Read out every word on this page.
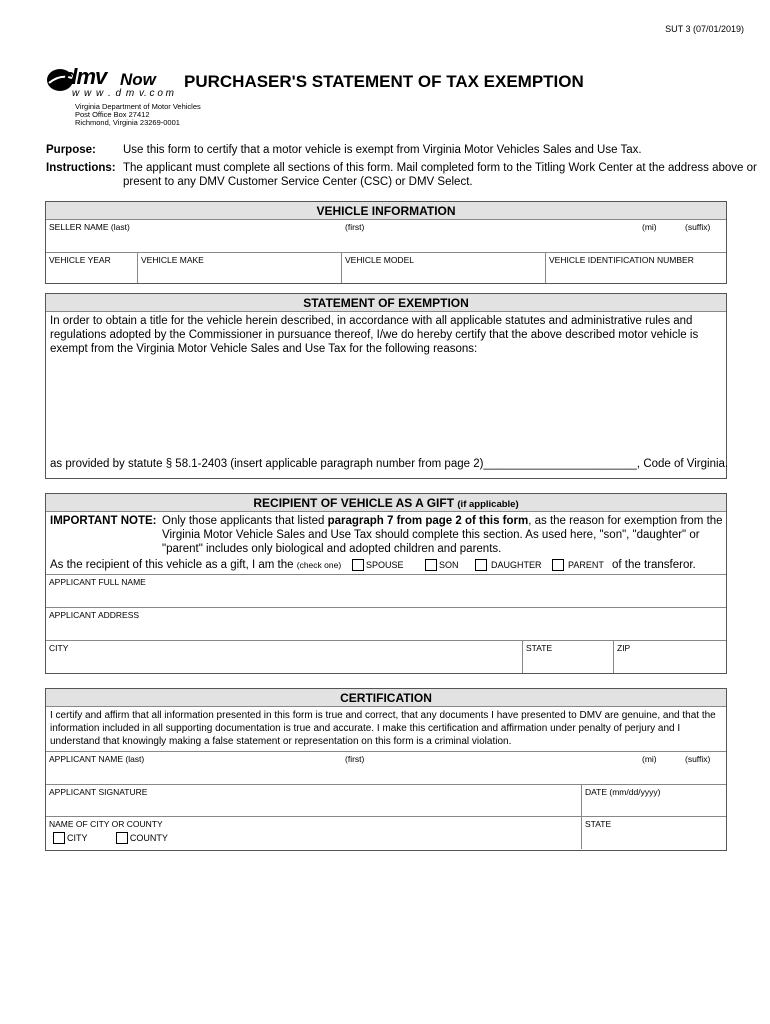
SUT 3 (07/01/2019)
dmv Now
w w w . d m v
. c o m
Virginia Department of Motor Vehicles
Post Office Box 27412
Richmond, Virginia 23269-0001
PURCHASER'S STATEMENT OF TAX EXEMPTION
Purpose: Use this form to certify that a motor vehicle is exempt from Virginia Motor Vehicles Sales and Use Tax.
Instructions: The applicant must complete all sections of this form. Mail completed form to the Titling Work Center at the address above or present to any DMV Customer Service Center (CSC) or DMV Select.
VEHICLE INFORMATION
SELLER NAME (last)	(first)	(mi)	(suffix)
VEHICLE YEAR	VEHICLE MAKE	VEHICLE MODEL	VEHICLE IDENTIFICATION NUMBER
STATEMENT OF EXEMPTION
In order to obtain a title for the vehicle herein described, in accordance with all applicable statutes and administrative rules and regulations adopted by the Commissioner in pursuance thereof, I/we do hereby certify that the above described motor vehicle is exempt from the Virginia Motor Vehicle Sales and Use Tax for the following reasons:
as provided by statute § 58.1-2403 (insert applicable paragraph number from page 2)________________________, Code of Virginia.
RECIPIENT OF VEHICLE AS A GIFT (if applicable)
IMPORTANT NOTE: Only those applicants that listed paragraph 7 from page 2 of this form, as the reason for exemption from the Virginia Motor Vehicle Sales and Use Tax should complete this section. As used here, "son", "daughter" or "parent" includes only biological and adopted children and parents.
As the recipient of this vehicle as a gift, I am the (check one)	SPOUSE	SON	DAUGHTER	PARENT of the transferor.
APPLICANT FULL NAME
APPLICANT ADDRESS
CITY	STATE	ZIP
CERTIFICATION
I certify and affirm that all information presented in this form is true and correct, that any documents I have presented to DMV are genuine, and that the information included in all supporting documentation is true and accurate. I make this certification and affirmation under penalty of perjury and I understand that knowingly making a false statement or representation on this form is a criminal violation.
APPLICANT NAME (last)	(first)	(mi)	(suffix)
APPLICANT SIGNATURE	DATE (mm/dd/yyyy)
NAME OF CITY OR COUNTY
CITY	COUNTY
STATE
